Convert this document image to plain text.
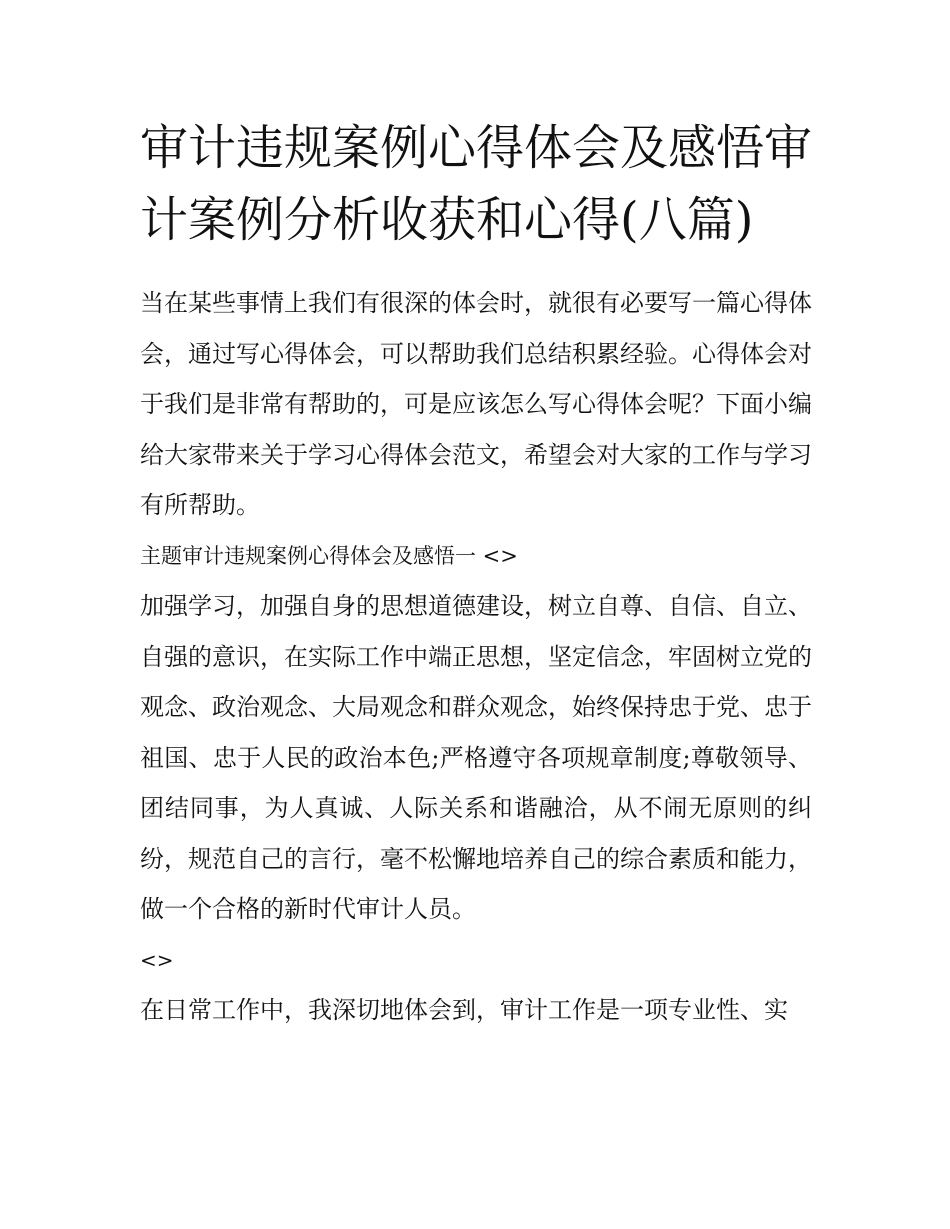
审计违规案例心得体会及感悟审计案例分析收获和心得(八篇)

当在某些事情上我们有很深的体会时，就很有必要写一篇心得体会，通过写心得体会，可以帮助我们总结积累经验。心得体会对于我们是非常有帮助的，可是应该怎么写心得体会呢？下面小编给大家带来关于学习心得体会范文，希望会对大家的工作与学习有所帮助。

主题审计违规案例心得体会及感悟一 <>

加强学习，加强自身的思想道德建设，树立自尊、自信、自立、自强的意识，在实际工作中端正思想，坚定信念，牢固树立党的观念、政治观念、大局观念和群众观念，始终保持忠于党、忠于祖国、忠于人民的政治本色;严格遵守各项规章制度;尊敬领导、团结同事，为人真诚、人际关系和谐融洽，从不闹无原则的纠纷，规范自己的言行，毫不松懈地培养自己的综合素质和能力，做一个合格的新时代审计人员。

<>

在日常工作中，我深切地体会到，审计工作是一项专业性、实
